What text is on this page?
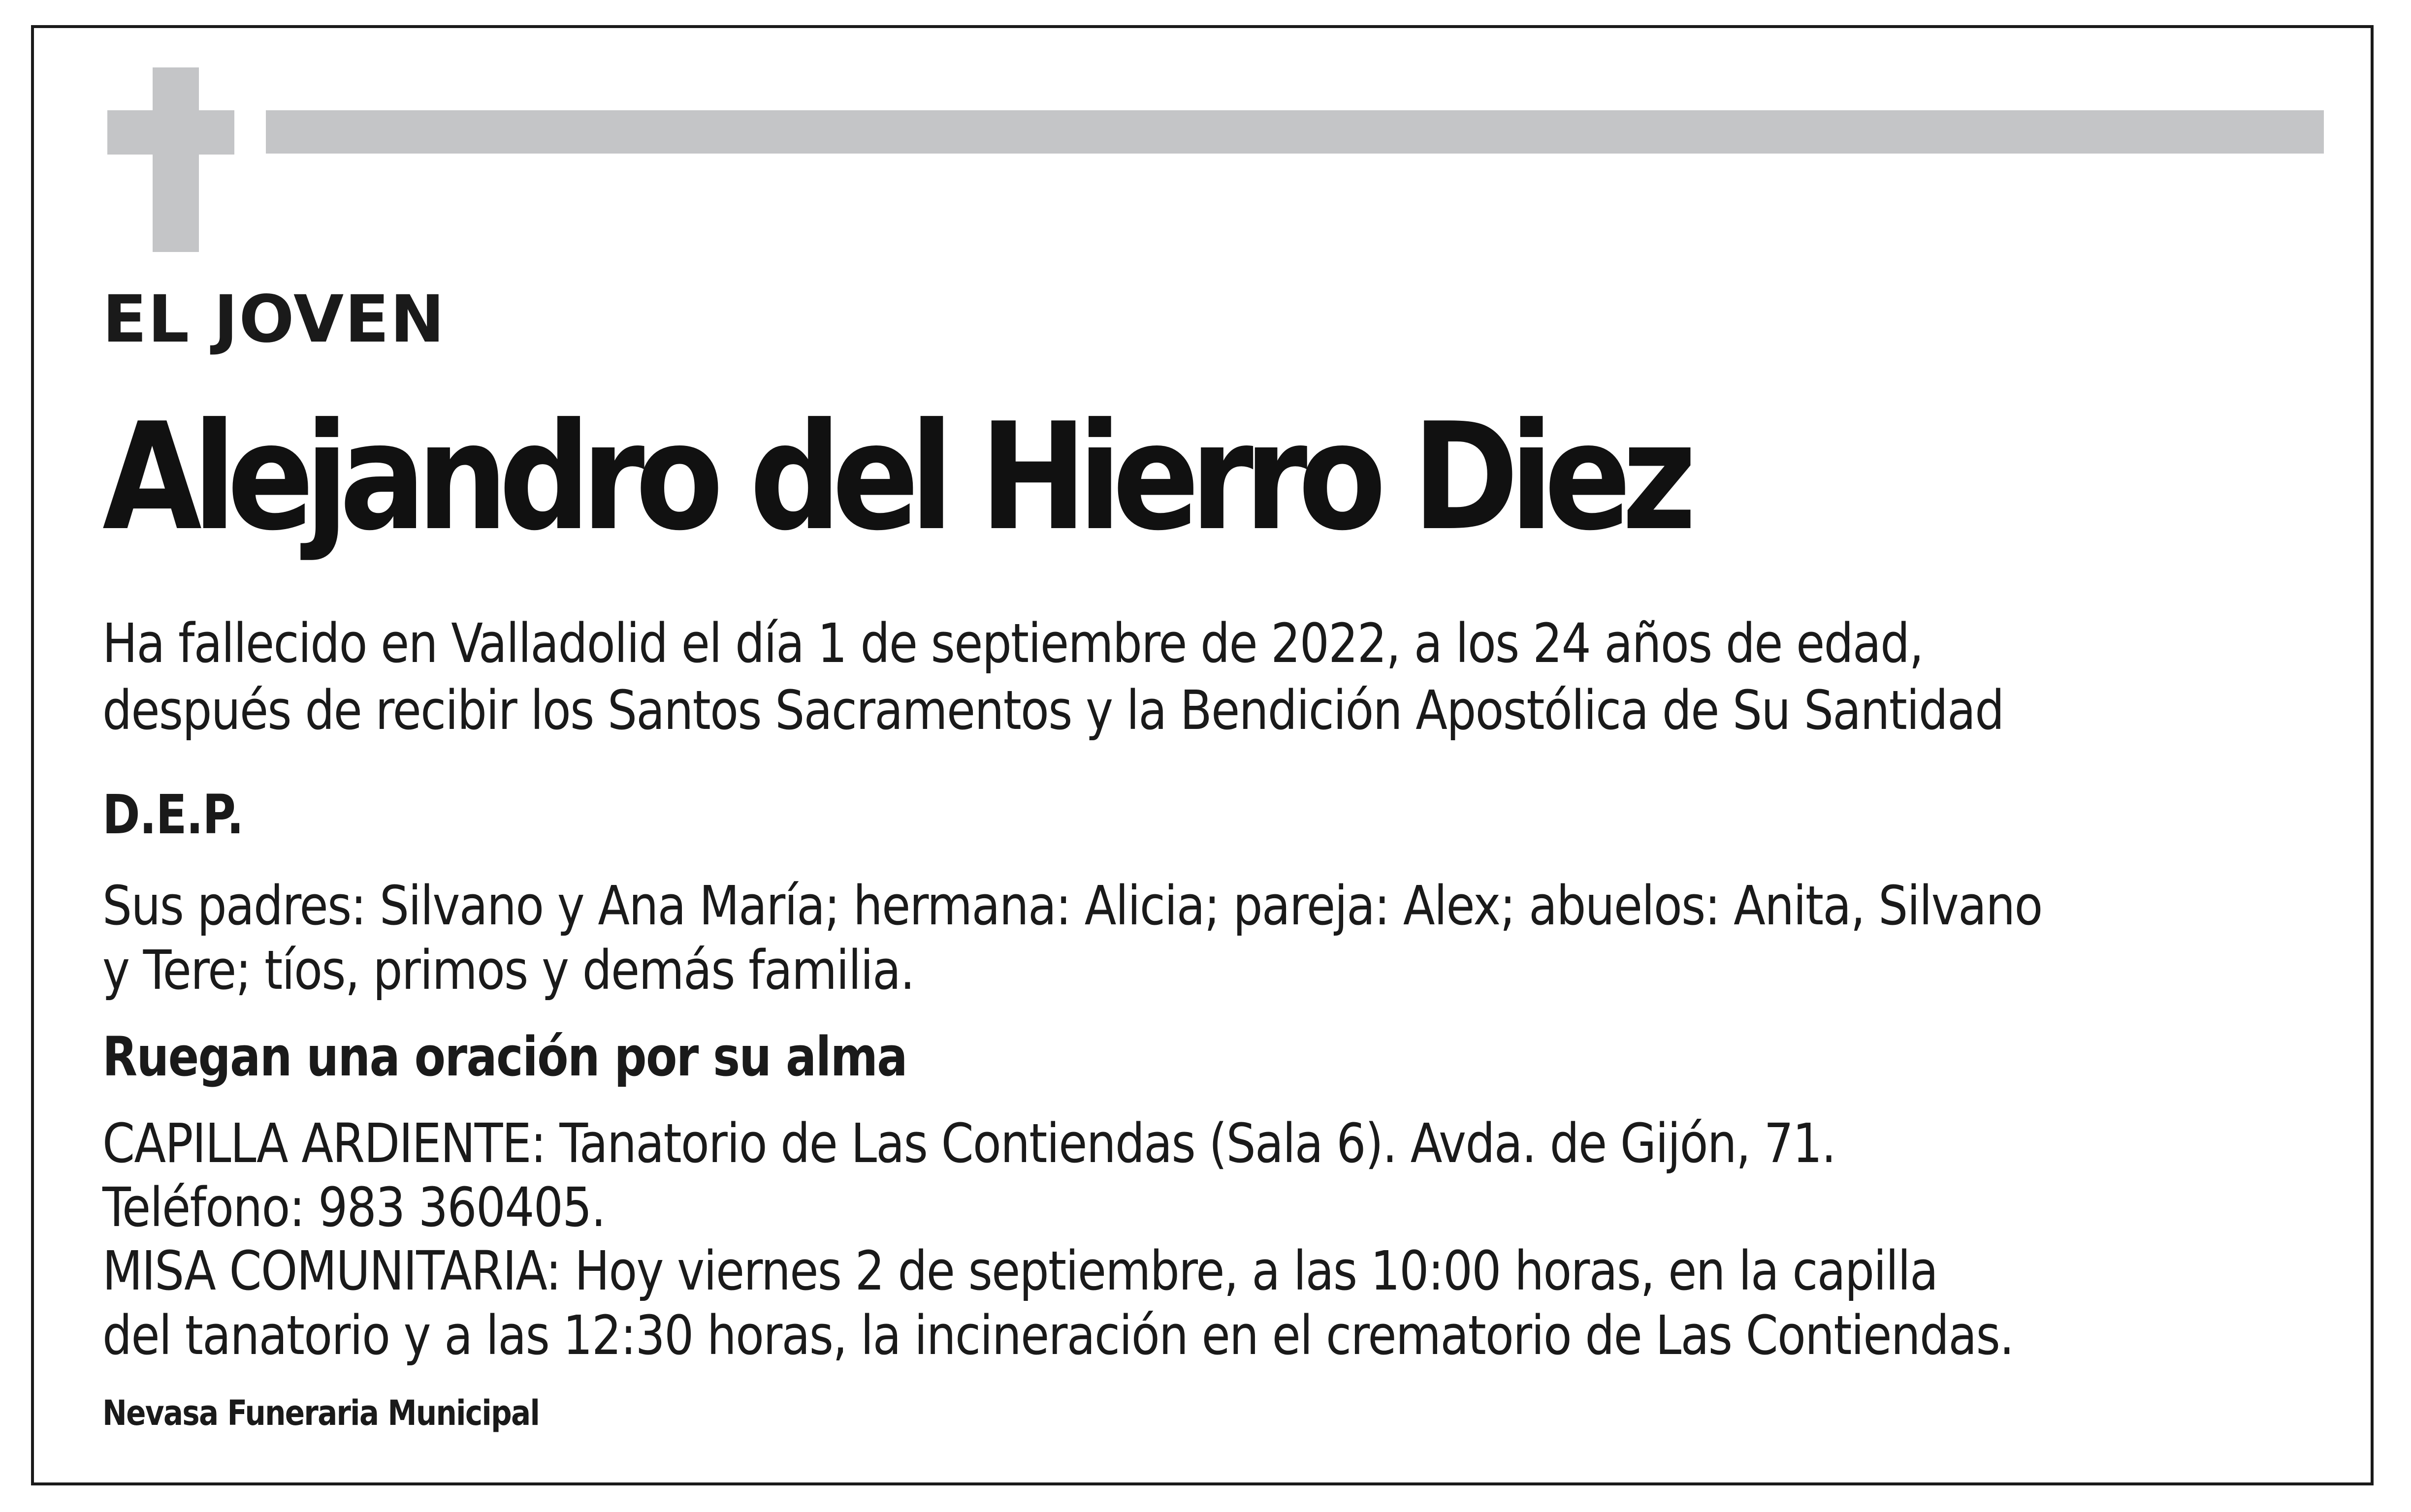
EL JOVEN

Alejandro del Hierro Diez

Ha fallecido en Valladolid el día 1 de septiembre de 2022, a los 24 años de edad,

después de recibir los Santos Sacramentos y la Bendición Apostólica de Su Santidad

D.E.P.

Sus padres: Silvano y Ana María; hermana: Alicia; pareja: Alex; abuelos: Anita, Silvano

y Tere; tíos, primos y demás familia.

Ruegan una oración por su alma

CAPILLA ARDIENTE: Tanatorio de Las Contiendas (Sala 6). Avda. de Gijón, 71.

Teléfono: 983 360405.

MISA COMUNITARIA: Hoy viernes 2 de septiembre, a las 10:00 horas, en la capilla

del tanatorio y a las 12:30 horas, la incineración en el crematorio de Las Contiendas.

Nevasa Funeraria Municipal
